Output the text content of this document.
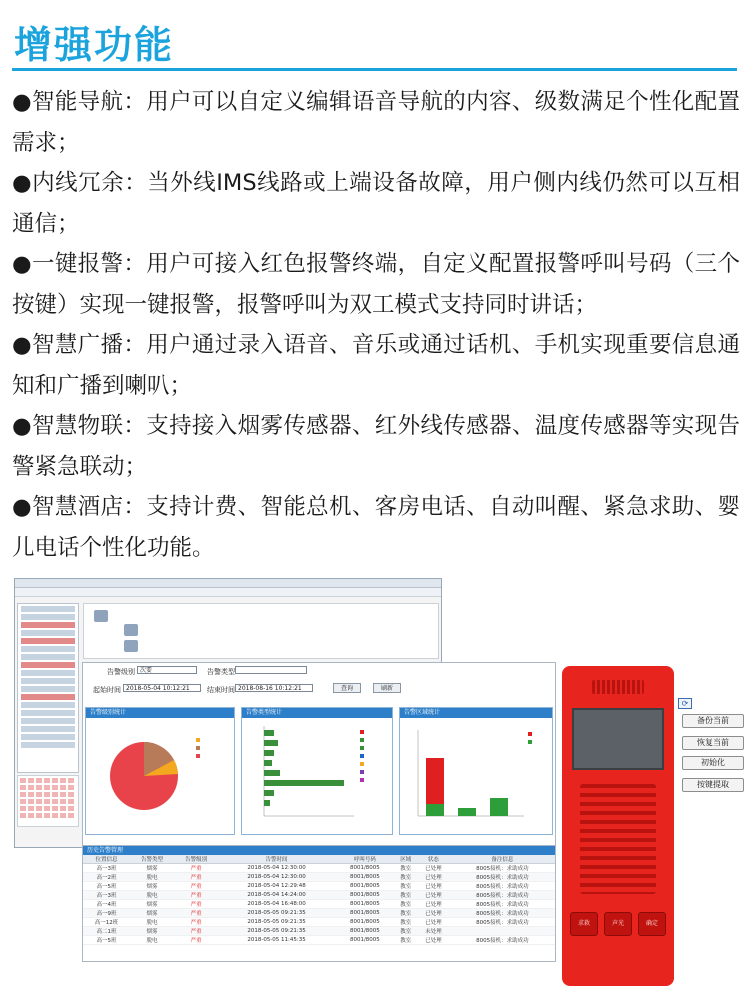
增强功能

●智能导航：用户可以自定义编辑语音导航的内容、级数满足个性化配置需求；

●内线冗余：当外线IMS线路或上端设备故障，用户侧内线仍然可以互相通信；

●一键报警：用户可接入红色报警终端，自定义配置报警呼叫号码（三个按键）实现一键报警，报警呼叫为双工模式支持同时讲话；

●智慧广播：用户通过录入语音、音乐或通过话机、手机实现重要信息通知和广播到喇叭；

●智慧物联：支持接入烟雾传感器、红外线传感器、温度传感器等实现告警紧急联动；

●智慧酒店：支持计费、智能总机、客房电话、自动叫醒、紧急求助、婴儿电话个性化功能。

告警级别 次要	告警类型
起始时间 2018-05-04 10:12:21	结束时间 2018-08-16 10:12:21	查询	刷新
告警级别统计	告警类型统计	告警区域统计
历史告警管理
位置信息	告警类型	告警级别	告警时间	呼叫号码	区域	状态	备注信息
高一3班	烟雾	严重	2018-05-04 12:30:00	8001/8005	教室	已处理	8005接机：求助成功
高一2班	脱电	严重	2018-05-04 12:30:00	8001/8005	教室	已处理	8005接机：求助成功
高一5班	烟雾	严重	2018-05-04 12:29:48	8001/8005	教室	已处理	8005接机：求助成功
高一3班	脱电	严重	2018-05-04 14:24:00	8001/8005	教室	已处理	8005接机：求助成功
高一4班	烟雾	严重	2018-05-04 16:48:00	8001/8005	教室	已处理	8005接机：求助成功
高一9班	烟雾	严重	2018-05-05 09:21:35	8001/8005	教室	已处理	8005接机：求助成功
高一12班	脱电	严重	2018-05-05 09:21:35	8001/8005	教室	已处理	8005接机：求助成功
高二1班	烟雾	严重	2018-05-05 09:21:35	8001/8005	教室	未处理	
高一5班	脱电	严重	2018-05-05 11:45:35	8001/8005	教室	已处理	8005接机：求助成功
求救	声光	确定
⟳
备份当前
恢复当前
初始化
按键提取
